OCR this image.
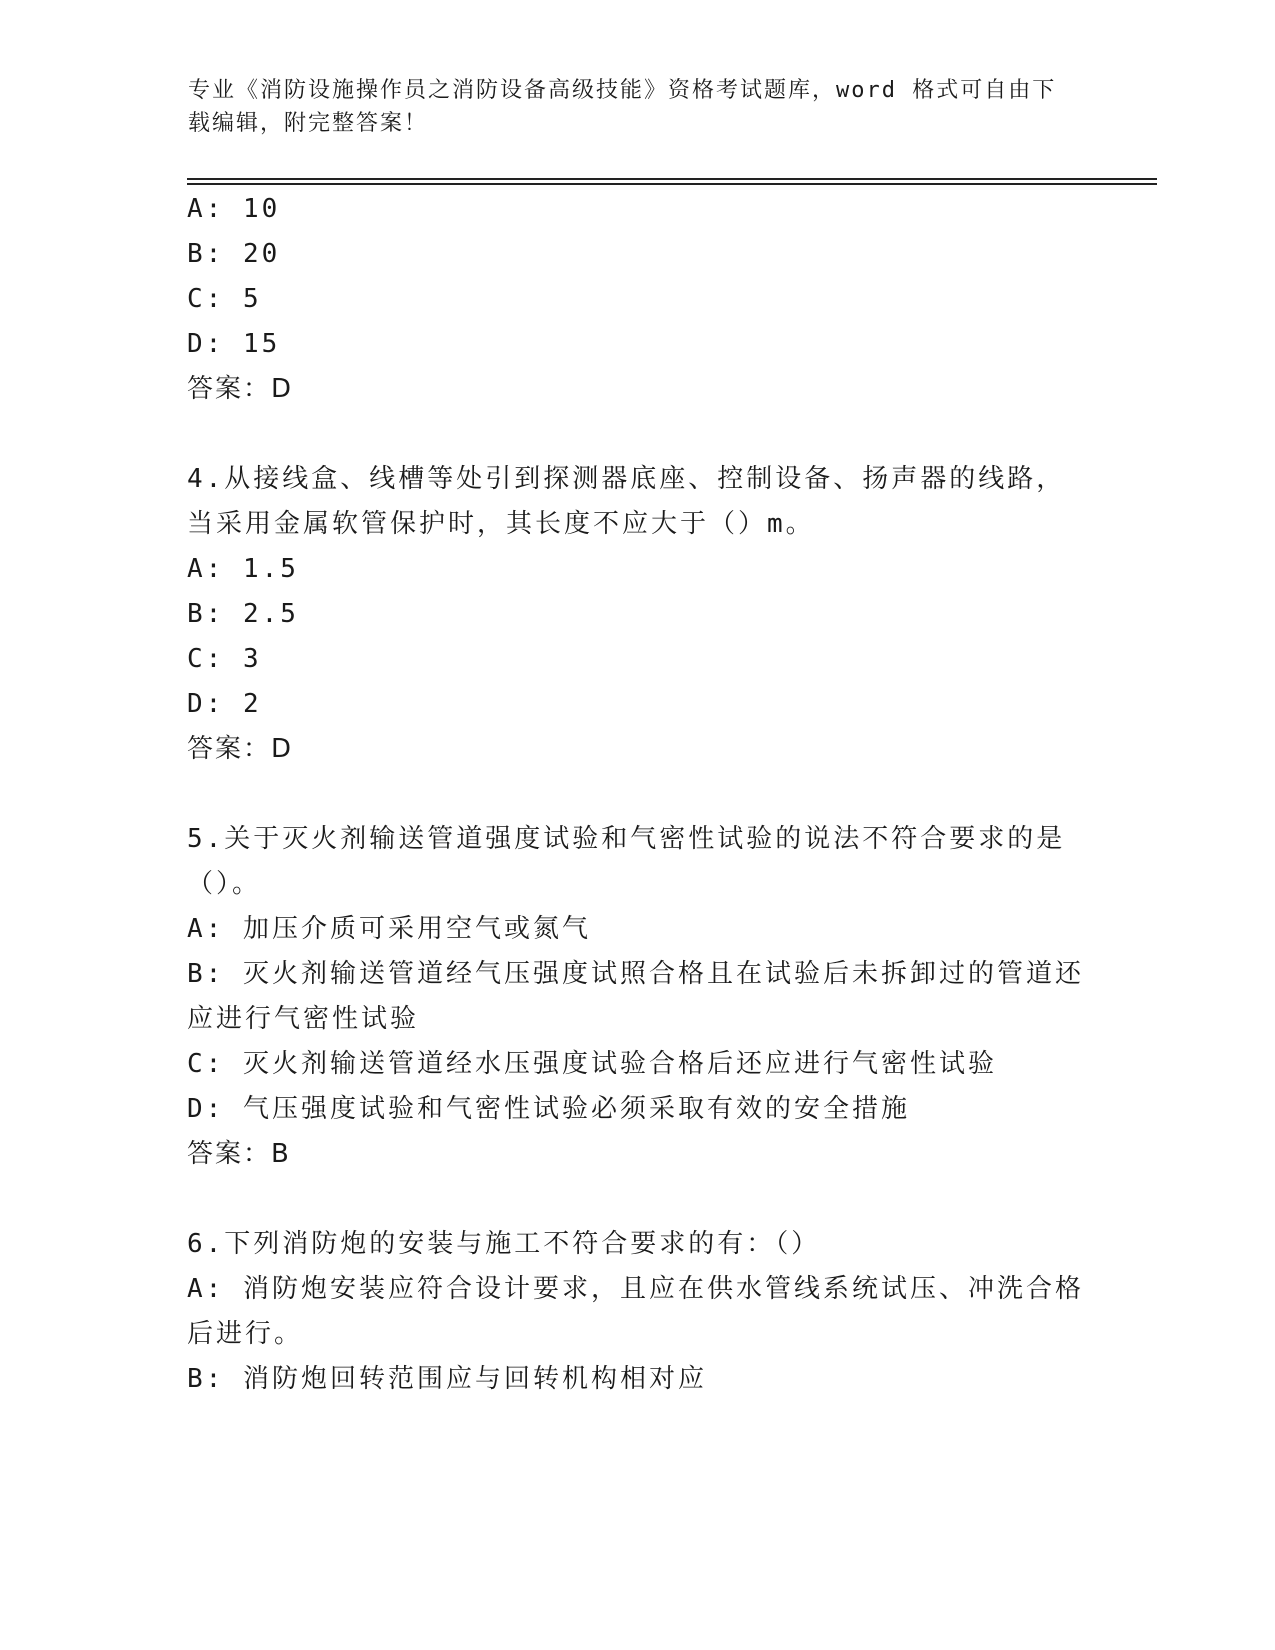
专业《消防设施操作员之消防设备高级技能》资格考试题库，word 格式可自由下
载编辑，附完整答案！
A: 10
B: 20
C: 5
D: 15
答案：D
4.从接线盒、线槽等处引到探测器底座、控制设备、扬声器的线路，
当采用金属软管保护时，其长度不应大于（）m。
A: 1.5
B: 2.5
C: 3
D: 2
答案：D
5.关于灭火剂输送管道强度试验和气密性试验的说法不符合要求的是
（）。
A: 加压介质可采用空气或氮气
B: 灭火剂输送管道经气压强度试照合格且在试验后未拆卸过的管道还
应进行气密性试验
C: 灭火剂输送管道经水压强度试验合格后还应进行气密性试验
D: 气压强度试验和气密性试验必须采取有效的安全措施
答案：B
6.下列消防炮的安装与施工不符合要求的有：（）
A: 消防炮安装应符合设计要求，且应在供水管线系统试压、冲洗合格
后进行。
B: 消防炮回转范围应与回转机构相对应
